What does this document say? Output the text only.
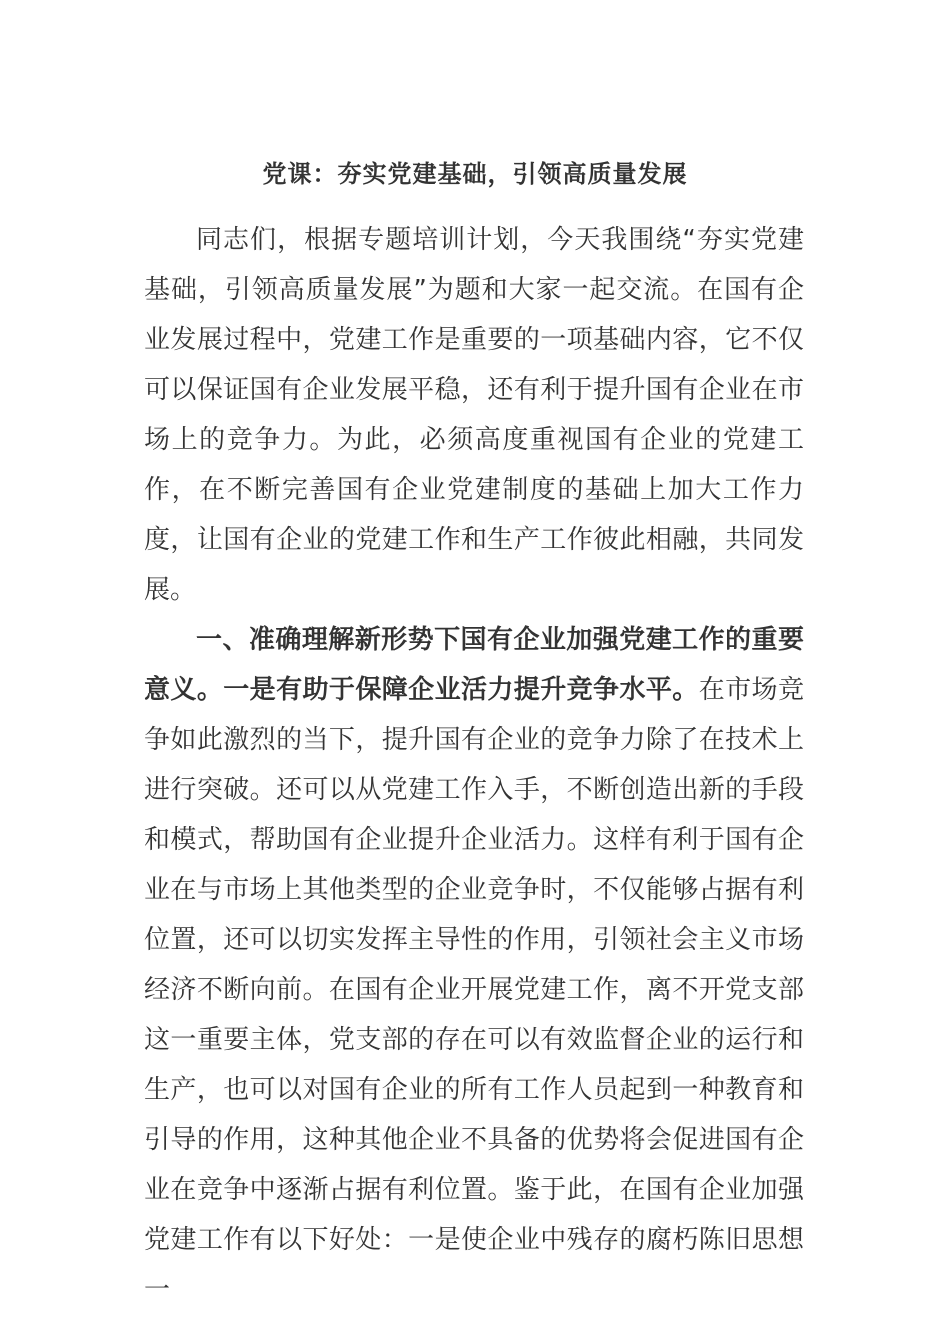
党课：夯实党建基础，引领高质量发展

同志们，根据专题培训计划，今天我围绕“夯实党建基础，引领高质量发展”为题和大家一起交流。在国有企业发展过程中，党建工作是重要的一项基础内容，它不仅可以保证国有企业发展平稳，还有利于提升国有企业在市场上的竞争力。为此，必须高度重视国有企业的党建工作，在不断完善国有企业党建制度的基础上加大工作力度，让国有企业的党建工作和生产工作彼此相融，共同发展。

一、准确理解新形势下国有企业加强党建工作的重要意义。一是有助于保障企业活力提升竞争水平。在市场竞争如此激烈的当下，提升国有企业的竞争力除了在技术上进行突破。还可以从党建工作入手，不断创造出新的手段和模式，帮助国有企业提升企业活力。这样有利于国有企业在与市场上其他类型的企业竞争时，不仅能够占据有利位置，还可以切实发挥主导性的作用，引领社会主义市场经济不断向前。在国有企业开展党建工作，离不开党支部这一重要主体，党支部的存在可以有效监督企业的运行和生产，也可以对国有企业的所有工作人员起到一种教育和引导的作用，这种其他企业不具备的优势将会促进国有企业在竞争中逐渐占据有利位置。鉴于此，在国有企业加强党建工作有以下好处：一是使企业中残存的腐朽陈旧思想一
